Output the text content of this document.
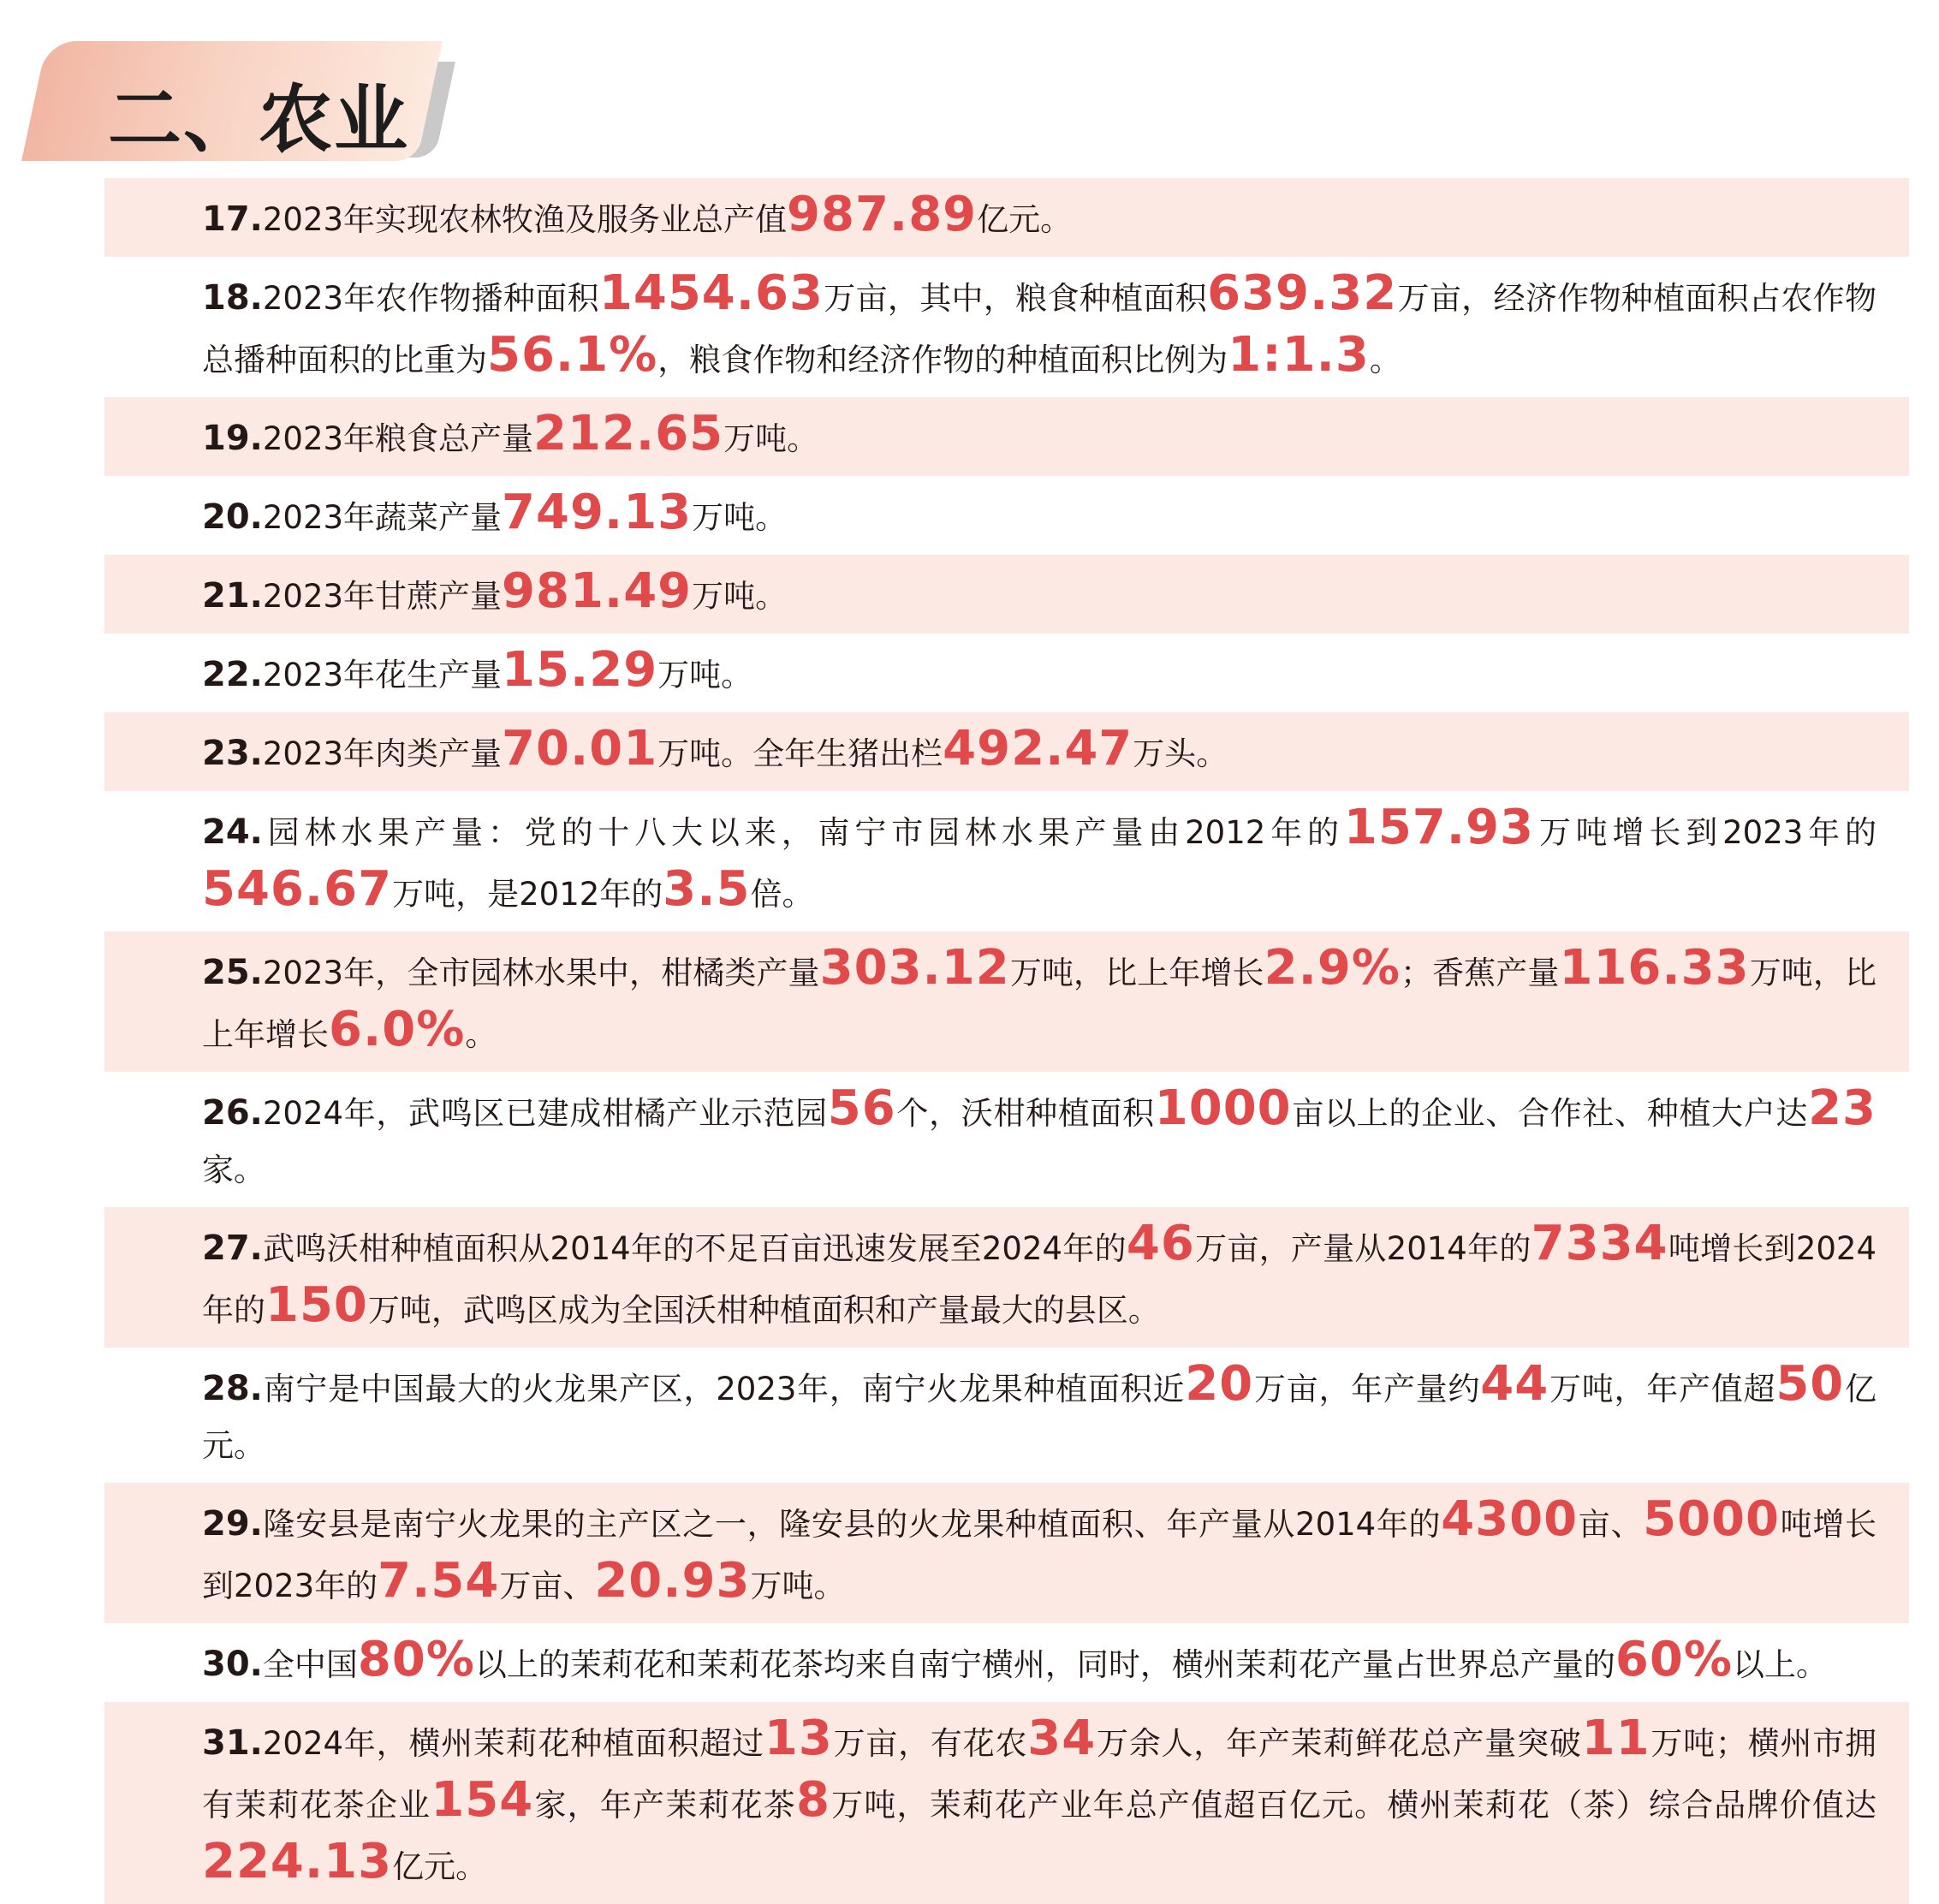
二、农业
17.2023年实现农林牧渔及服务业总产值987.89亿元。
18.2023年农作物播种面积1454.63万亩，其中，粮食种植面积639.32万亩，经济作物种植面积占农作物总播种面积的比重为56.1%，粮食作物和经济作物的种植面积比例为1:1.3。
19.2023年粮食总产量212.65万吨。
20.2023年蔬菜产量749.13万吨。
21.2023年甘蔗产量981.49万吨。
22.2023年花生产量15.29万吨。
23.2023年肉类产量70.01万吨。全年生猪出栏492.47万头。
24.园林水果产量：党的十八大以来，南宁市园林水果产量由2012年的157.93万吨增长到2023年的546.67万吨，是2012年的3.5倍。
25.2023年，全市园林水果中，柑橘类产量303.12万吨，比上年增长2.9%；香蕉产量116.33万吨，比上年增长6.0%。
26.2024年，武鸣区已建成柑橘产业示范园56个，沃柑种植面积1000亩以上的企业、合作社、种植大户达23家。
27.武鸣沃柑种植面积从2014年的不足百亩迅速发展至2024年的46万亩，产量从2014年的7334吨增长到2024年的150万吨，武鸣区成为全国沃柑种植面积和产量最大的县区。
28.南宁是中国最大的火龙果产区，2023年，南宁火龙果种植面积近20万亩，年产量约44万吨，年产值超50亿元。
29.隆安县是南宁火龙果的主产区之一，隆安县的火龙果种植面积、年产量从2014年的4300亩、5000吨增长到2023年的7.54万亩、20.93万吨。
30.全中国80%以上的茉莉花和茉莉花茶均来自南宁横州，同时，横州茉莉花产量占世界总产量的60%以上。
31.2024年，横州茉莉花种植面积超过13万亩，有花农34万余人，年产茉莉鲜花总产量突破11万吨；横州市拥有茉莉花茶企业154家，年产茉莉花茶8万吨，茉莉花产业年总产值超百亿元。横州茉莉花（茶）综合品牌价值达224.13亿元。
